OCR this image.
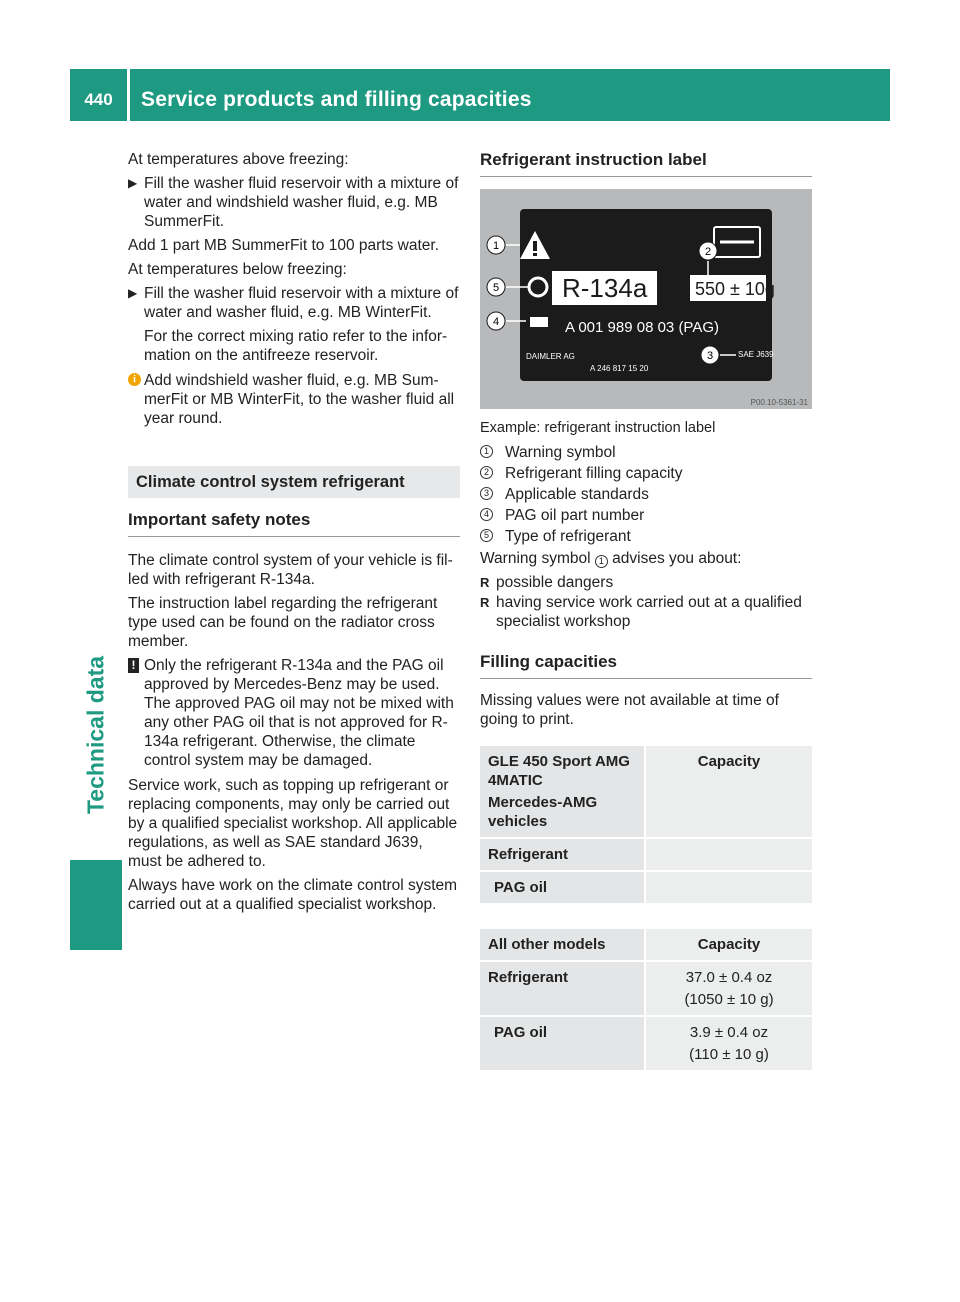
440	Service products and filling capacities
Technical data

At temperatures above freezing:

▶ Fill the washer fluid reservoir with a mixture of water and windshield washer fluid, e.g. MB SummerFit.

Add 1 part MB SummerFit to 100 parts water.

At temperatures below freezing:

▶ Fill the washer fluid reservoir with a mixture of water and washer fluid, e.g. MB WinterFit.
For the correct mixing ratio refer to the infor- mation on the antifreeze reservoir.
i Add windshield washer fluid, e.g. MB Sum- merFit or MB WinterFit, to the washer fluid all year round.
Climate control system refrigerant
Important safety notes

The climate control system of your vehicle is fil- led with refrigerant R-134a.

The instruction label regarding the refrigerant type used can be found on the radiator cross member.

! Only the refrigerant R-134a and the PAG oil approved by Mercedes-Benz may be used. The approved PAG oil may not be mixed with any other PAG oil that is not approved for R-134a refrigerant. Otherwise, the climate control system may be damaged.

Service work, such as topping up refrigerant or replacing components, may only be carried out by a qualified specialist workshop. All applicable regulations, as well as SAE standard J639, must be adhered to.

Always have work on the climate control system carried out at a qualified specialist workshop.

Refrigerant instruction label
R-134a	550 ± 10g
A 001 989 08 03 (PAG)
DAIMLER AG
A 246 817 15 20
SAE J639
1	2
3
4
5
P00.10-5361-31

Example: refrigerant instruction label

1 Warning symbol
2 Refrigerant filling capacity
3 Applicable standards
4 PAG oil part number
5 Type of refrigerant

Warning symbol 1 advises you about:

R possible dangers
R having service work carried out at a qualified specialist workshop
Filling capacities

Missing values were not available at time of going to print.

GLE 450 Sport AMG 4MATIC
Mercedes-AMG vehicles	Capacity
Refrigerant	
PAG oil	
All other models	Capacity
Refrigerant	37.0 ± 0.4 oz
(1050 ± 10 g)

PAG oil	3.9 ± 0.4 oz
(110 ± 10 g)
